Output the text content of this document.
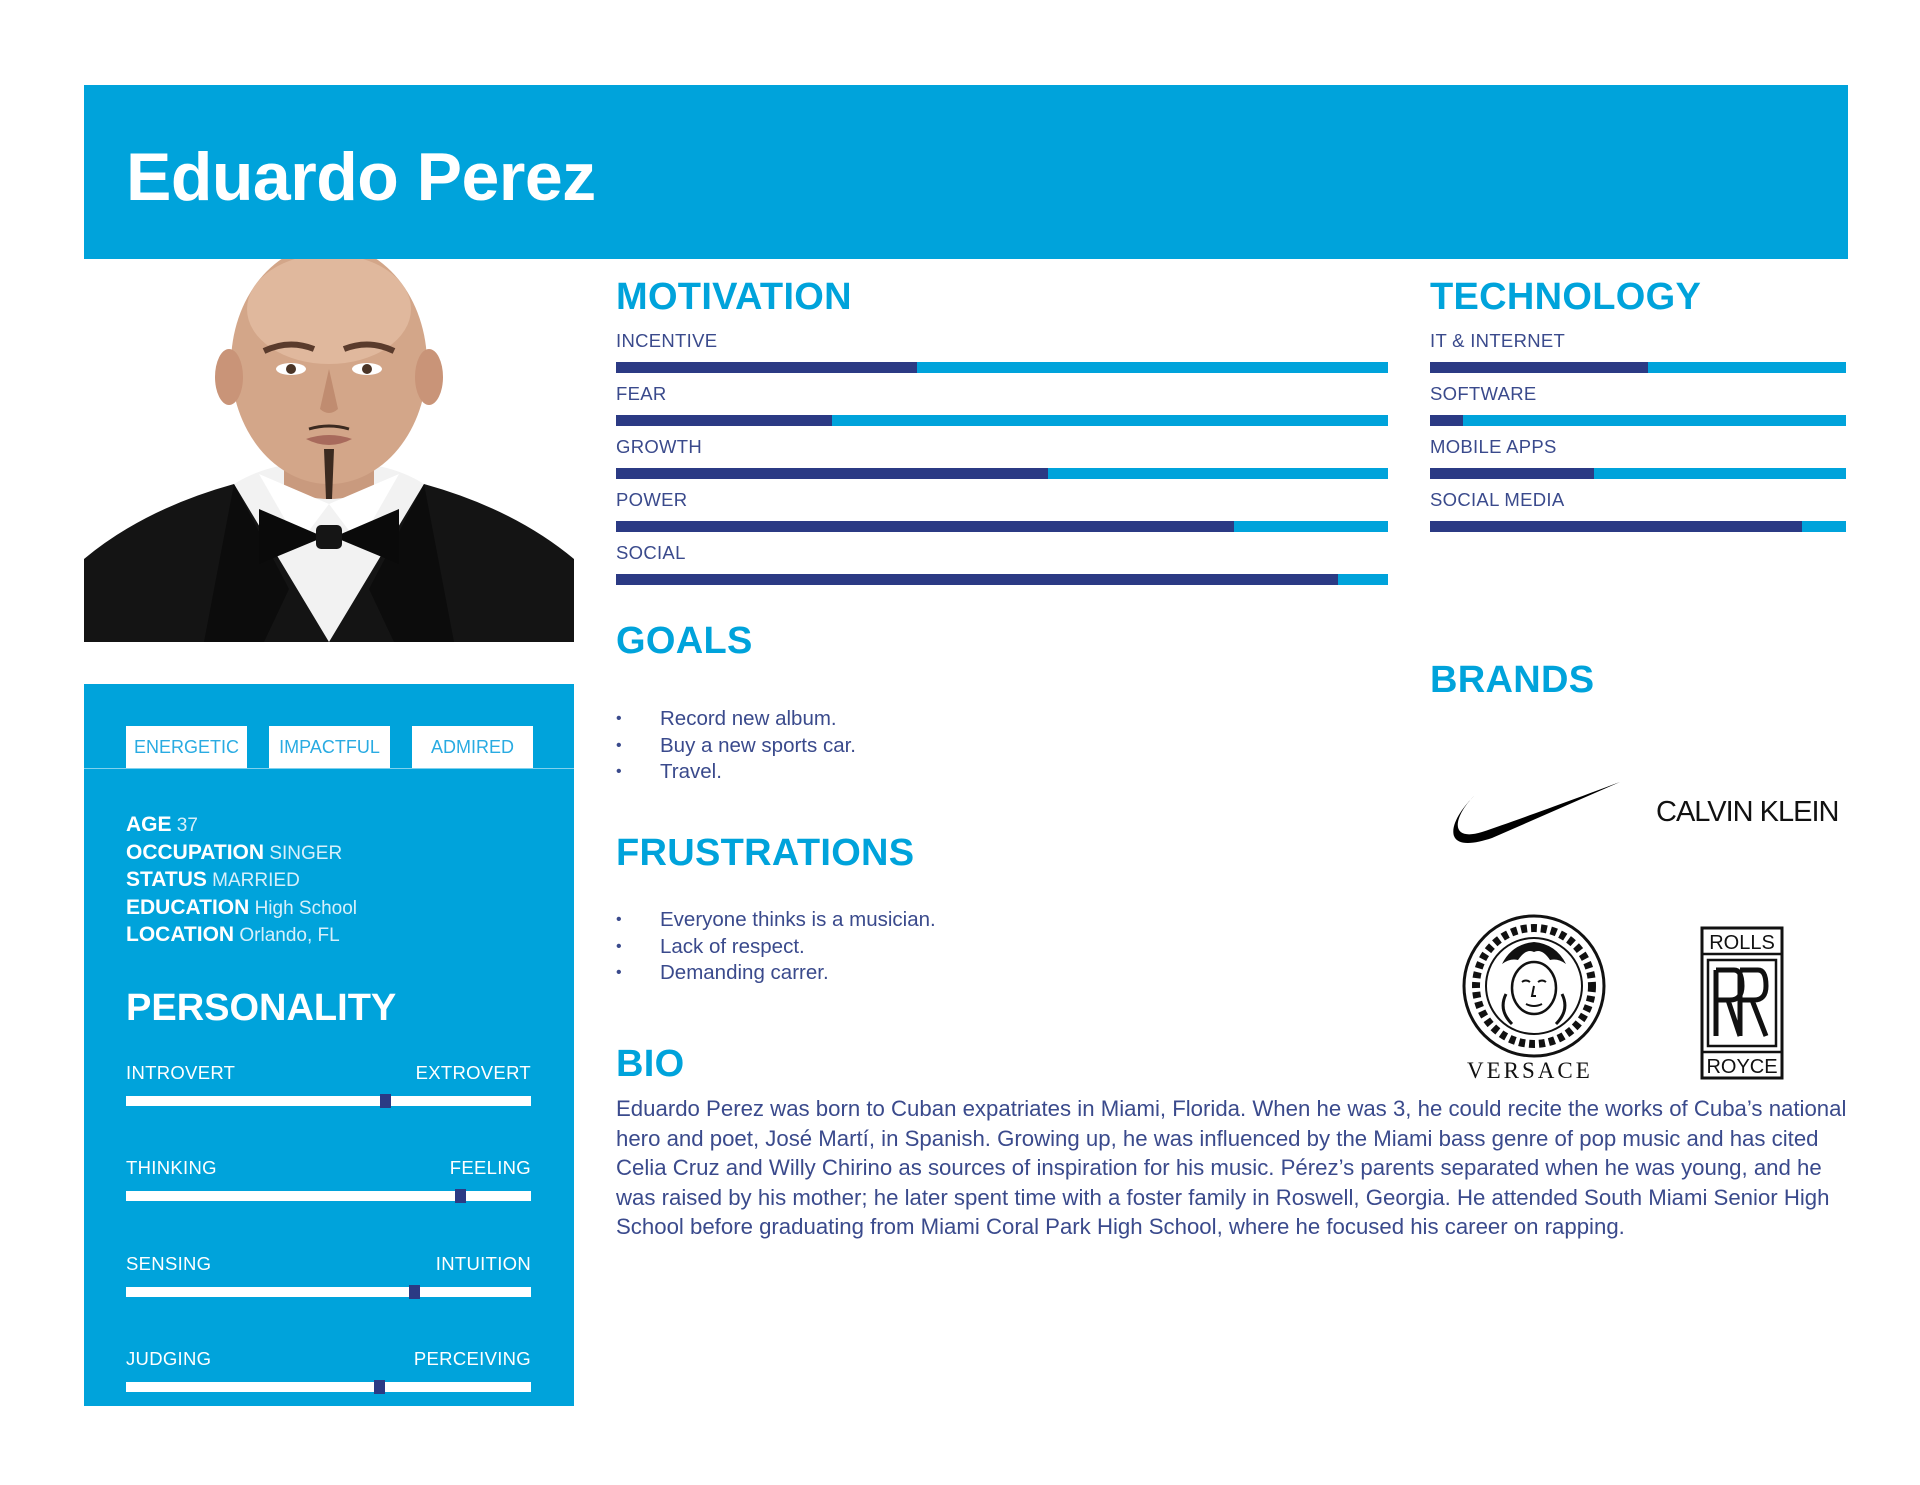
Eduardo Perez
ENERGETIC	IMPACTFUL	ADMIRED
AGE 37
OCCUPATION SINGER
STATUS MARRIED
EDUCATION High School
LOCATION Orlando, FL
PERSONALITY
INTROVERT	EXTROVERT
THINKING	FEELING
SENSING	INTUITION
JUDGING	PERCEIVING
MOTIVATION
INCENTIVE
FEAR
GROWTH
POWER
SOCIAL
TECHNOLOGY
IT & INTERNET
SOFTWARE
MOBILE APPS
SOCIAL MEDIA
GOALS
• Record new album.
• Buy a new sports car.
• Travel.
FRUSTRATIONS
• Everyone thinks is a musician.
• Lack of respect.
• Demanding carrer.
BIO
Eduardo Perez was born to Cuban expatriates in Miami, Florida. When he was 3, he could recite the works of Cuba’s national hero and poet, José Martí, in Spanish. Growing up, he was influenced by the Miami bass genre of pop music and has cited Celia Cruz and Willy Chirino as sources of inspiration for his music. Pérez’s parents separated when he was young, and he was raised by his mother; he later spent time with a foster family in Roswell, Georgia. He attended South Miami Senior High School before graduating from Miami Coral Park High School, where he focused his career on rapping.
BRANDS
CALVIN KLEIN
VERSACE
ROLLS
ROYCE
